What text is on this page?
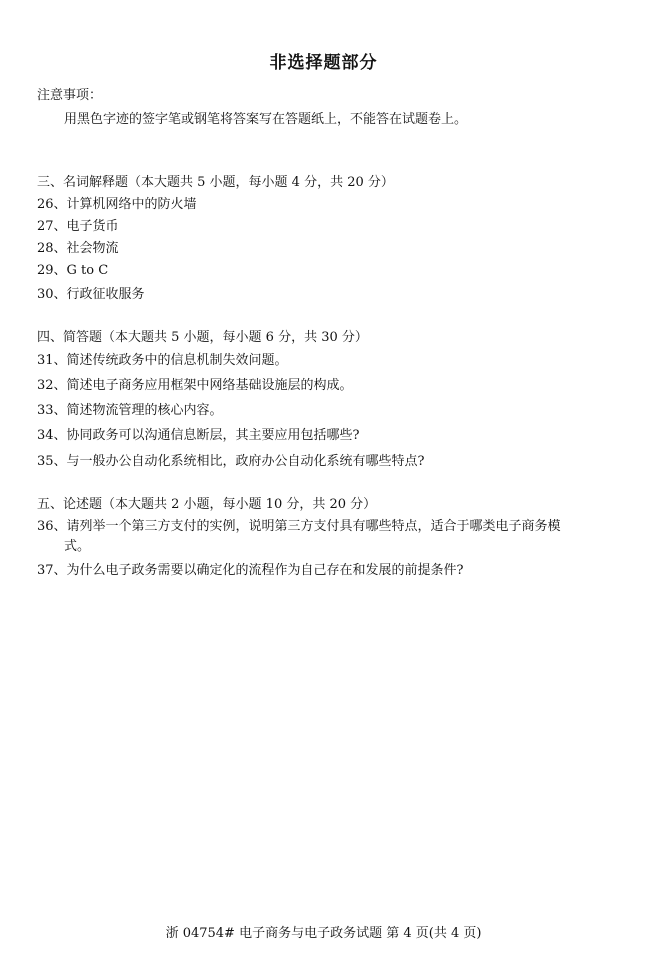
非选择题部分
注意事项：
用黑色字迹的签字笔或钢笔将答案写在答题纸上，不能答在试题卷上。
三、名词解释题（本大题共 5 小题，每小题 4 分，共 20 分）
26、计算机网络中的防火墙
27、电子货币
28、社会物流
29、G to C
30、行政征收服务
四、简答题（本大题共 5 小题，每小题 6 分，共 30 分）
31、简述传统政务中的信息机制失效问题。
32、简述电子商务应用框架中网络基础设施层的构成。
33、简述物流管理的核心内容。
34、协同政务可以沟通信息断层，其主要应用包括哪些?
35、与一般办公自动化系统相比，政府办公自动化系统有哪些特点?
五、论述题（本大题共 2 小题，每小题 10 分，共 20 分）
36、请列举一个第三方支付的实例，说明第三方支付具有哪些特点，适合于哪类电子商务模
式。
37、为什么电子政务需要以确定化的流程作为自己存在和发展的前提条件?
浙 04754# 电子商务与电子政务试题 第 4 页(共 4 页)
